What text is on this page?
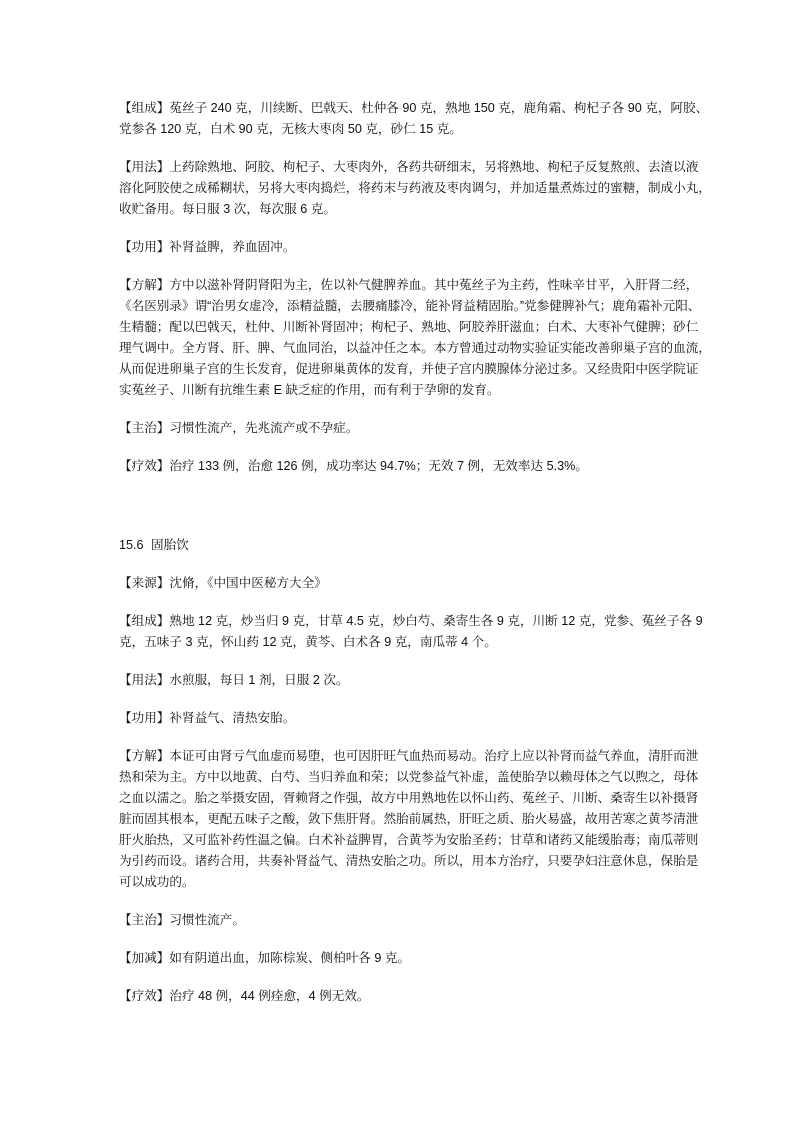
【组成】菟丝子 240 克，川续断、巴戟天、杜仲各 90 克，熟地 150 克，鹿角霜、枸杞子各 90 克，阿胶、
党参各 120 克，白术 90 克，无核大枣肉 50 克，砂仁 15 克。
【用法】上药除熟地、阿胶、枸杞子、大枣肉外，各药共研细末，另将熟地、枸杞子反复熬煎、去渣以液
溶化阿胶使之成稀糊状，另将大枣肉捣烂，将药末与药液及枣肉调匀，并加适量煮炼过的蜜糖，制成小丸，
收贮备用。每日服 3 次，每次服 6 克。
【功用】补肾益脾，养血固冲。
【方解】方中以滋补肾阴肾阳为主，佐以补气健脾养血。其中菟丝子为主药，性味辛甘平，入肝肾二经，
《名医别录》谓“治男女虚冷，添精益髓，去腰痛膝冷，能补肾益精固胎。”党参健脾补气；鹿角霜补元阳、
生精髓；配以巴戟天，杜仲、川断补肾固冲；枸杞子、熟地、阿胶养肝滋血；白术、大枣补气健脾；砂仁
理气调中。全方肾、肝、脾、气血同治，以益冲任之本。本方曾通过动物实验证实能改善卵巢子宫的血流，
从而促进卵巢子宫的生长发育，促进卵巢黄体的发育，并使子宫内膜腺体分泌过多。又经贵阳中医学院证
实菟丝子、川断有抗维生素 E 缺乏症的作用，而有利于孕卵的发育。
【主治】习惯性流产，先兆流产或不孕症。
【疗效】治疗 133 例，治愈 126 例，成功率达 94.7%；无效 7 例，无效率达 5.3%。
15.6 固胎饮
【来源】沈脩，《中国中医秘方大全》
【组成】熟地 12 克，炒当归 9 克，甘草 4.5 克，炒白芍、桑寄生各 9 克，川断 12 克，党参、菟丝子各 9
克，五味子 3 克，怀山药 12 克，黄芩、白术各 9 克，南瓜蒂 4 个。
【用法】水煎服，每日 1 剂，日服 2 次。
【功用】补肾益气、清热安胎。
【方解】本证可由肾亏气血虚而易堕，也可因肝旺气血热而易动。治疗上应以补肾而益气养血，清肝而泄
热和荣为主。方中以地黄、白芍、当归养血和荣；以党参益气补虚，盖使胎孕以赖母体之气以煦之，母体
之血以濡之。胎之举摄安固，胥赖肾之作强，故方中用熟地佐以怀山药、菟丝子、川断、桑寄生以补摄肾
脏而固其根本，更配五味子之酸，敛下焦肝肾。然胎前属热，肝旺之质、胎火易盛，故用苦寒之黄芩清泄
肝火胎热，又可监补药性温之偏。白术补益脾胃，合黄芩为安胎圣药；甘草和诸药又能缓胎毒；南瓜蒂则
为引药而设。诸药合用，共奏补肾益气、清热安胎之功。所以，用本方治疗，只要孕妇注意休息，保胎是
可以成功的。
【主治】习惯性流产。
【加减】如有阴道出血，加陈棕炭、侧柏叶各 9 克。
【疗效】治疗 48 例，44 例痊愈，4 例无效。
